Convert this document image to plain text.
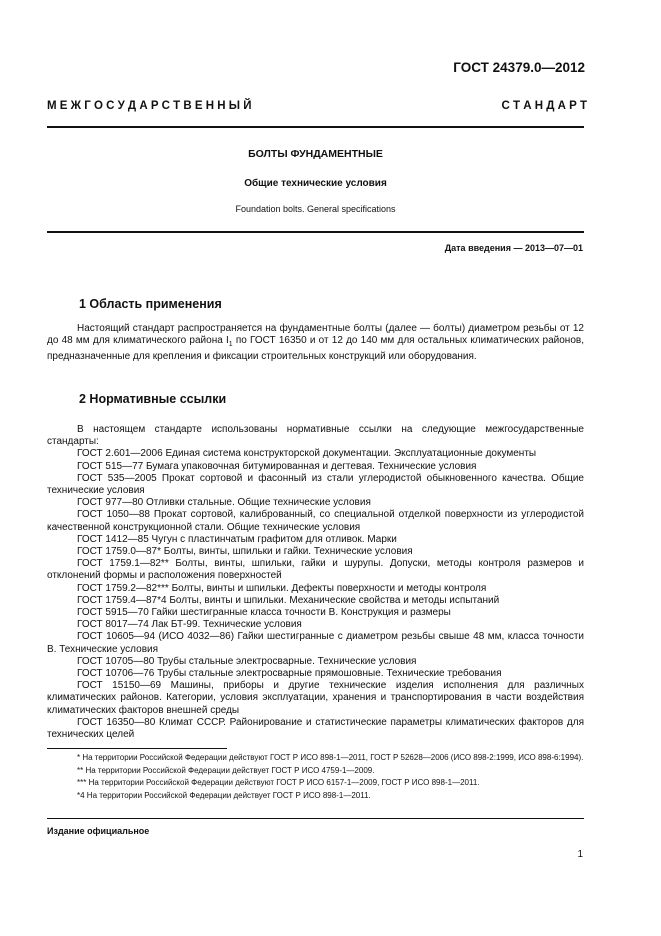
ГОСТ 24379.0—2012
М Е Ж Г О С У Д А Р С Т В Е Н Н Ы Й	С Т А Н Д А Р Т
БОЛТЫ ФУНДАМЕНТНЫЕ
Общие технические условия
Foundation bolts. General specifications
Дата введения — 2013—07—01
1 Область применения
Настоящий стандарт распространяется на фундаментные болты (далее — болты) диаметром резьбы от 12 до 48 мм для климатического района $I_1$ по ГОСТ 16350 и от 12 до 140 мм для остальных климатических районов, предназначенные для крепления и фиксации строительных конструкций или оборудования.
2 Нормативные ссылки

В настоящем стандарте использованы нормативные ссылки на следующие межгосударственные стандарты:

ГОСТ 2.601—2006 Единая система конструкторской документации. Эксплуатационные документы

ГОСТ 515—77 Бумага упаковочная битумированная и дегтевая. Технические условия

ГОСТ 535—2005 Прокат сортовой и фасонный из стали углеродистой обыкновенного качества. Общие технические условия

ГОСТ 977—80 Отливки стальные. Общие технические условия

ГОСТ 1050—88 Прокат сортовой, калиброванный, со специальной отделкой поверхности из углеродистой качественной конструкционной стали. Общие технические условия

ГОСТ 1412—85 Чугун с пластинчатым графитом для отливок. Марки

ГОСТ 1759.0—87* Болты, винты, шпильки и гайки. Технические условия

ГОСТ 1759.1—82** Болты, винты, шпильки, гайки и шурупы. Допуски, методы контроля размеров и отклонений формы и расположения поверхностей

ГОСТ 1759.2—82*** Болты, винты и шпильки. Дефекты поверхности и методы контроля

ГОСТ 1759.4—87*4 Болты, винты и шпильки. Механические свойства и методы испытаний

ГОСТ 5915—70 Гайки шестигранные класса точности В. Конструкция и размеры

ГОСТ 8017—74 Лак БТ-99. Технические условия

ГОСТ 10605—94 (ИСО 4032—86) Гайки шестигранные с диаметром резьбы свыше 48 мм, класса точности В. Технические условия

ГОСТ 10705—80 Трубы стальные электросварные. Технические условия

ГОСТ 10706—76 Трубы стальные электросварные прямошовные. Технические требования

ГОСТ 15150—69 Машины, приборы и другие технические изделия исполнения для различных климатических районов. Категории, условия эксплуатации, хранения и транспортирования в части воздействия климатических факторов внешней среды

ГОСТ 16350—80 Климат СССР. Районирование и статистические параметры климатических факторов для технических целей

* На территории Российской Федерации действуют ГОСТ Р ИСО 898-1—2011, ГОСТ Р 52628—2006 (ИСО 898-2:1999, ИСО 898-6:1994).

** На территории Российской Федерации действует ГОСТ Р ИСО 4759-1—2009.

*** На территории Российской Федерации действуют ГОСТ Р ИСО 6157-1—2009, ГОСТ Р ИСО 898-1—2011.

*4 На территории Российской Федерации действует ГОСТ Р ИСО 898-1—2011.

Издание официальное
1
